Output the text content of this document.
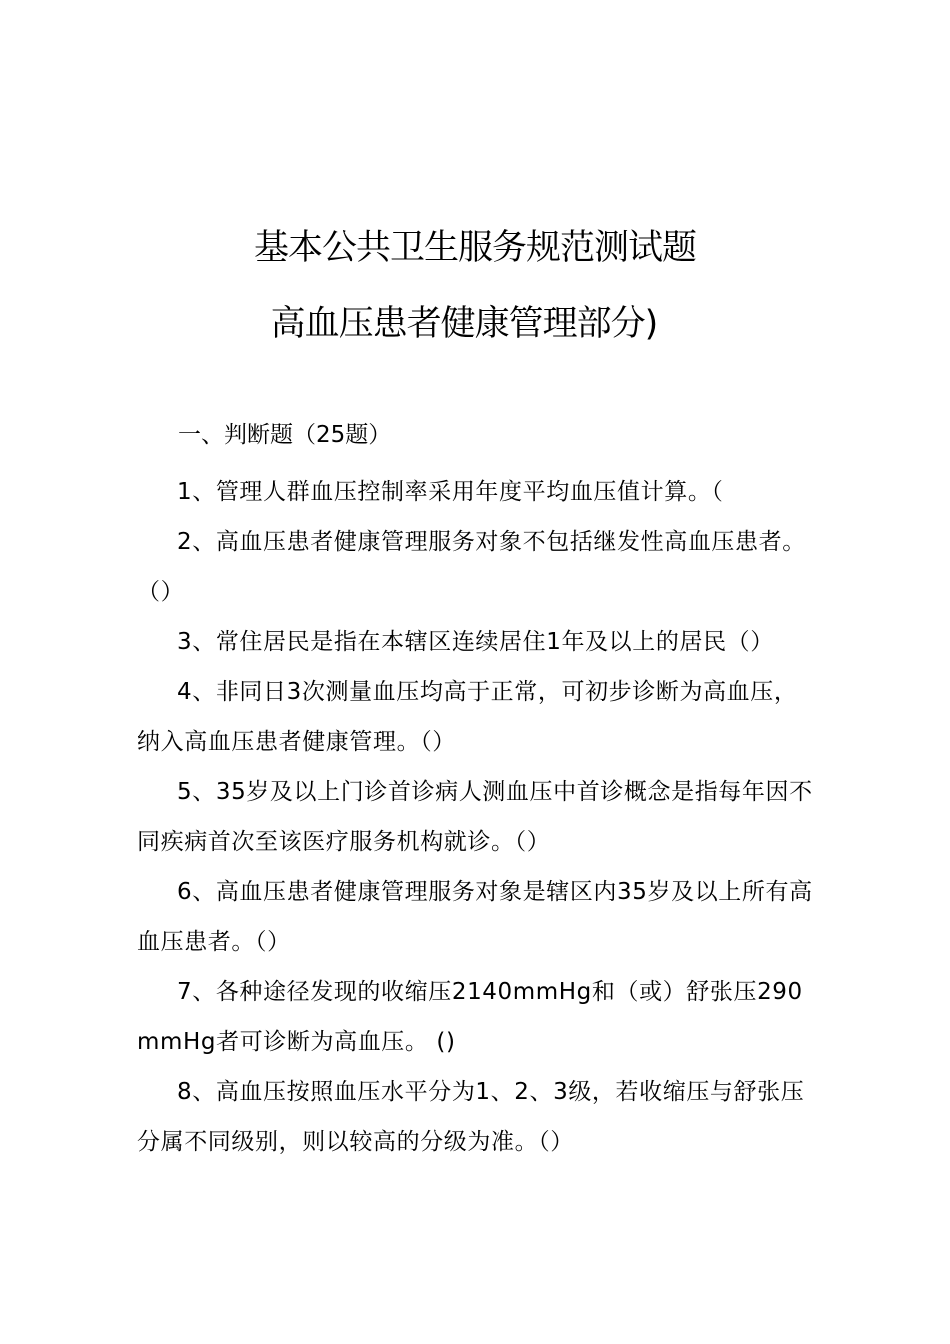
基本公共卫生服务规范测试题
高血压患者健康管理部分)
一、判断题（25题）

1、管理人群血压控制率采用年度平均血压值计算。（

2、高血压患者健康管理服务对象不包括继发性高血压患者。（）

3、常住居民是指在本辖区连续居住1年及以上的居民（）

4、非同日3次测量血压均高于正常，可初步诊断为高血压，纳入高血压患者健康管理。（）

5、35岁及以上门诊首诊病人测血压中首诊概念是指每年因不同疾病首次至该医疗服务机构就诊。（）

6、高血压患者健康管理服务对象是辖区内35岁及以上所有高血压患者。（）

7、各种途径发现的收缩压2140mmHg和（或）舒张压290mmHg者可诊断为高血压。 ()

8、高血压按照血压水平分为1、2、3级，若收缩压与舒张压分属不同级别，则以较高的分级为准。（）
